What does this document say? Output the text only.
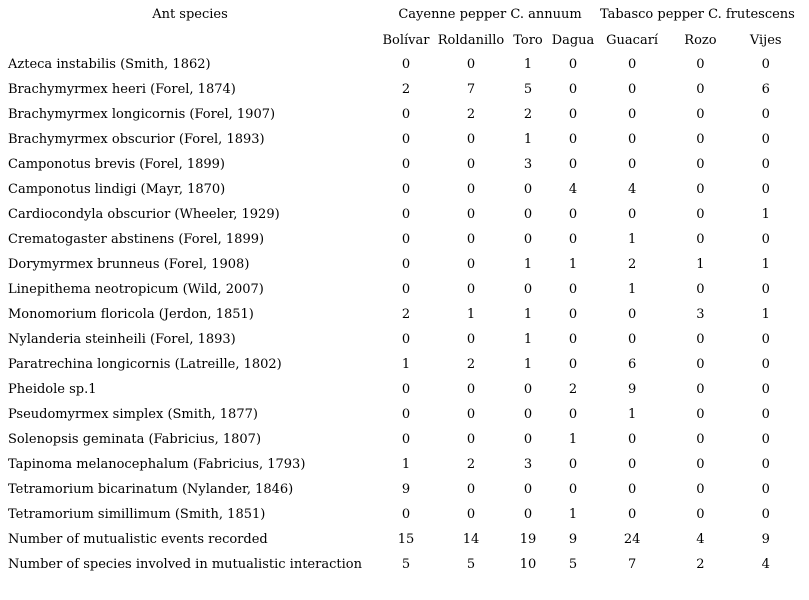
Ant species	Cayenne pepper C. annuum				Tabasco pepper C. frutescens		
	Bolívar	Roldanillo	Toro	Dagua	Guacarí	Rozo	Vijes
Azteca instabilis (Smith, 1862)	0	0	1	0	0	0	0
Brachymyrmex heeri (Forel, 1874)	2	7	5	0	0	0	6
Brachymyrmex longicornis (Forel, 1907)	0	2	2	0	0	0	0
Brachymyrmex obscurior (Forel, 1893)	0	0	1	0	0	0	0
Camponotus brevis (Forel, 1899)	0	0	3	0	0	0	0
Camponotus lindigi (Mayr, 1870)	0	0	0	4	4	0	0
Cardiocondyla obscurior (Wheeler, 1929)	0	0	0	0	0	0	1
Crematogaster abstinens (Forel, 1899)	0	0	0	0	1	0	0
Dorymyrmex brunneus (Forel, 1908)	0	0	1	1	2	1	1
Linepithema neotropicum (Wild, 2007)	0	0	0	0	1	0	0
Monomorium floricola (Jerdon, 1851)	2	1	1	0	0	3	1
Nylanderia steinheili (Forel, 1893)	0	0	1	0	0	0	0
Paratrechina longicornis (Latreille, 1802)	1	2	1	0	6	0	0
Pheidole sp.1	0	0	0	2	9	0	0
Pseudomyrmex simplex (Smith, 1877)	0	0	0	0	1	0	0
Solenopsis geminata (Fabricius, 1807)	0	0	0	1	0	0	0
Tapinoma melanocephalum (Fabricius, 1793)	1	2	3	0	0	0	0
Tetramorium bicarinatum (Nylander, 1846)	9	0	0	0	0	0	0
Tetramorium simillimum (Smith, 1851)	0	0	0	1	0	0	0
Number of mutualistic events recorded	15	14	19	9	24	4	9
Number of species involved in mutualistic interaction	5	5	10	5	7	2	4
